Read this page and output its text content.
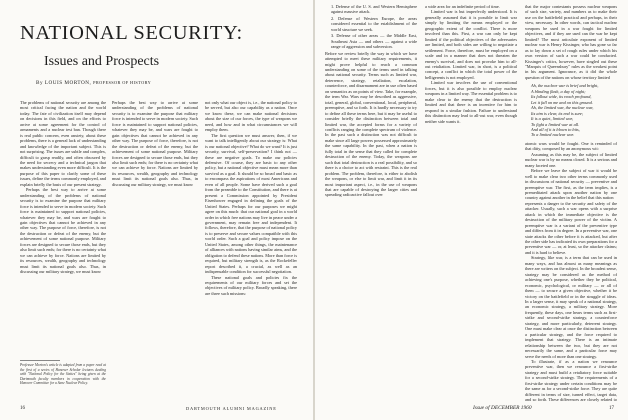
NATIONAL SECURITY:
Issues and Prospects
By LOUIS MORTON, PROFESSOR OF HISTORY

The problems of national security are among the most critical facing the nation and the world today. The fate of civilization itself may depend on decisions in this field, and on the efforts to arrive at some agreement for the control of armaments and a nuclear test ban. Though there is real public concern, even anxiety, about these problems, there is a general lack of understanding and knowledge of the important subject. This is not surprising. The issues are subtle and complex, difficult to grasp readily, and often obscured by the need for secrecy and a technical jargon that makes understanding even more difficult. It is the purpose of this paper to clarify some of these issues, define the terms commonly employed, and explain briefly the basis of our present strategy.

Perhaps the best way to arrive at some understanding of the problems of national security is to examine the purpose that military force is intended to serve in modern society. Such force is maintained to support national policies, whatever they may be, and wars are fought to gain objectives that cannot be achieved in any other way. The purpose of force, therefore, is not the destruction or defeat of the enemy, but the achievement of some national purpose. Military forces are designed to secure those ends, but they also limit such ends; for there is no certainty what we can achieve by force. Nations are limited by its resources, wealth, geography and technology must limit its national goals also. Thus, in discussing our military strategy, we must know

Professor Morton's article is adapted from a paper read at the first of a series of Hanover Scholar lectures dealing with "National Policy for the Sixties" being given at the Dartmouth faculty members in cooperation with the Hanover Committee for a Sane Nuclear Policy.

Perhaps the best way to arrive at some understanding of the problems of national security is to examine the purpose that military force is intended to serve in modern society. Such force is maintained to support national policies, whatever they may be, and wars are fought to gain objectives that cannot be achieved in any other way. The purpose of force, therefore, is not the destruction or defeat of the enemy, but the achievement of some national purpose. Military forces are designed to secure those ends, but they also limit such ends; for there is no certainty what we can achieve by force. Nations are limited by its resources, wealth, geography and technology must limit its national goals also. Thus, in discussing our military strategy, we must know

not only what our object is, i.e., the national policy to be served, but also our capability as a nation. Once we know these, we can make national decisions about the size of our forces, the type of weapons we need, and how and in what circumstances we will employ them.

The first question we must answer, then, if we want to talk intelligently about our strategy is: What is our national objective? What do we want? It is just security, survival, self-preservation? I think not — these are negative goals. To make our policies defensive. Of course, they are basic to any other policy, but a national objective must mean more than survival as a goal. It should be so broad and basic as to encompass the aspirations of most Americans and even of all people. Some have derived such a goal from the preamble to the Constitution, and there is at present a Commission appointed by President Eisenhower engaged in defining the goals of the United States. Perhaps for our purposes we might agree on this much: that our national goal in a world order in which free nations may live in peace under a government, may remain free and independent. It follows, therefore, that the purpose of national policy is to preserve and secure values compatible with this world order. Such a goal and policy impose on the United States, among other things, the maintenance of alliances with nations having similar aims, and the obligation to defend these nations. More than force is required, but military strength is, as the Rockefeller report described it, a crucial, as well as an indispensable condition for successful negotiation.

These national goals and policies fix the requirements of our military forces and set the objectives of military policy. Broadly speaking, there are three such missions:

16	DARTMOUTH ALUMNI MAGAZINE

1. Defense of the U. S. and Western Hemisphere against massive attack.

2. Defense of Western Europe, the areas considered essential to the establishment of the world structure we seek.

3. Defense of other areas — the Middle East, Southeast Asia — and others — against a wide range of aggression and subversion.

Before we review briefly the way in which we have attempted to meet these military requirements, it might prove helpful to reach a common understanding on some of the terms used in talking about national security. Terms such as limited war, deterrence, strategy, retaliation, escalation, counterforce, and disarmament are in use often based on semantics as on points of view. Take, for example, the term War. Wars may be described as aggressive, total, general, global, conventional, local, peripheral, preemptive, and so forth. It is hardly necessary to try to define all these terms here, but it may be useful to consider briefly the distinction between total and limited war, the accepted forms for a variety of conflicts ranging the complete spectrum of violence. In the past such a distinction was not difficult to make since all large powers possessed approximately the same capability. In the past, when a nation is fully total in the sense that they called for complete destruction of the enemy. Today, the weapons are such that total destruction is a real possibility, and so there is a choice to act with restraint. This is the real problem. The problem, therefore, is either to abolish the weapons, or else to limit war, and limit it in its most important aspect, i.e., in the use of weapons that are capable of destroying the larger cities and spreading radioactive fallout over

a wide area for an indefinite period of time.

Limited war is but imperfectly understood. It is generally assumed that it is possible to limit war simply by limiting the means employed or the geographic extent of the conflict. There is more involved than this. First, a war can only be kept limited if the political objectives of the adversaries are limited, and both sides are willing to negotiate a settlement. Force, therefore, must be employed on a scale and in a manner that does not threaten the enemy's survival, and does not provoke him to all-out retaliation. Limited war, in short, is a political concept, a conflict in which the total power of the belligerents is not employed.

Limited war involves the use of conventional forces, but it is also possible to employ nuclear weapons in a limited way. The essential problem is to make clear to the enemy that the destruction is limited and that there is an incentive for him to respond in a similar fashion. Failure to understand this distinction may lead to all-out war, even though neither side wants it.

that the major contestants possess nuclear weapons of such size, variety, and numbers as to make their use on the battlefield practical and perhaps, in their view, necessary. In other words, can tactical nuclear weapons be used in a war fought for limited objectives, and if they are used can the war be kept limited? The most articulate exponent of limited nuclear war is Henry Kissinger, who has gone so far as to lay down a set of rough rules under which his own version of such a war could be conducted. Kissinger's critics, however, have singled out these "Marquis of Queensbury" rules as the weakest point in his argument. Ignorance, as it did the whole question of the nations on whose territory limited

Ah, the nuclear war is brief and bright,
A blinding flash, a day of night;
Its fallout wide, its reach profound,
Let it fall on me and on this ground.
Ah, the limited war, the nuclear war,
Its aim is clear, its end is sure;
It is a quiet, limited war,
To fight a limited war at all.
And all of it is blown to bits,
To a limited nuclear war.

atomic wars would be fought. One is reminded of that ditty, composed by an anonymous wit:

Assuming as this may be, the subject of limited nuclear war is by no means closed. It is a serious and many faceted one.

Before we leave the subject of war it would be well to make clear two other terms commonly used in discussions of national security — preventive and preemptive war. The first, as the term implies, is a premeditated attack upon another nation by one country against another in the belief that this nation

represents a danger to the security and safety of the attacker. Usually, such a war opens with a surprise attack in which the immediate objective is the destruction of the military power of the victim. A preemptive war is a variant of the preventive type and differs from it in degree. In a preventive war, one state attacks the other before it is attacked, but after the other side has indicated its own preparations for a preventive war — or, at least, so the attacker claims; and it is hard to believe.

Strategy, like war, is a term that can be used in many ways, and has almost as many meanings as there are writers on the subject. In the broadest sense, strategy may be considered as the method of achieving one's purpose, whether they be political, economic, psychological, or military — or all of them — to secure a given objective, whether it be victory on the battlefield or in the struggle of ideas. In a larger sense, it may speak of a national strategy, an economic strategy, a military strategy. More frequently, these days, one hears terms such as first-strike and second-strike strategy, a counterforce strategy, and more particularly, deterrent strategy. One must make clear at once the distinction between a particular strategy, and the force required to implement that strategy. There is an intimate relationship between the two, but they are not necessarily the same, and a particular force may serve the needs of more than one strategy.

To illustrate, if as a nation we renounce preventive war, then we renounce a first-strike strategy and must build a retaliatory force suitable for a second-strike strategy. The requirements of a first-strike strategy under certain conditions may be the same as for a second-strike force. They are quite different in terms of size, turned effect, target data, and so forth. These differences are closely related to

Issue of DECEMBER 1960	17
